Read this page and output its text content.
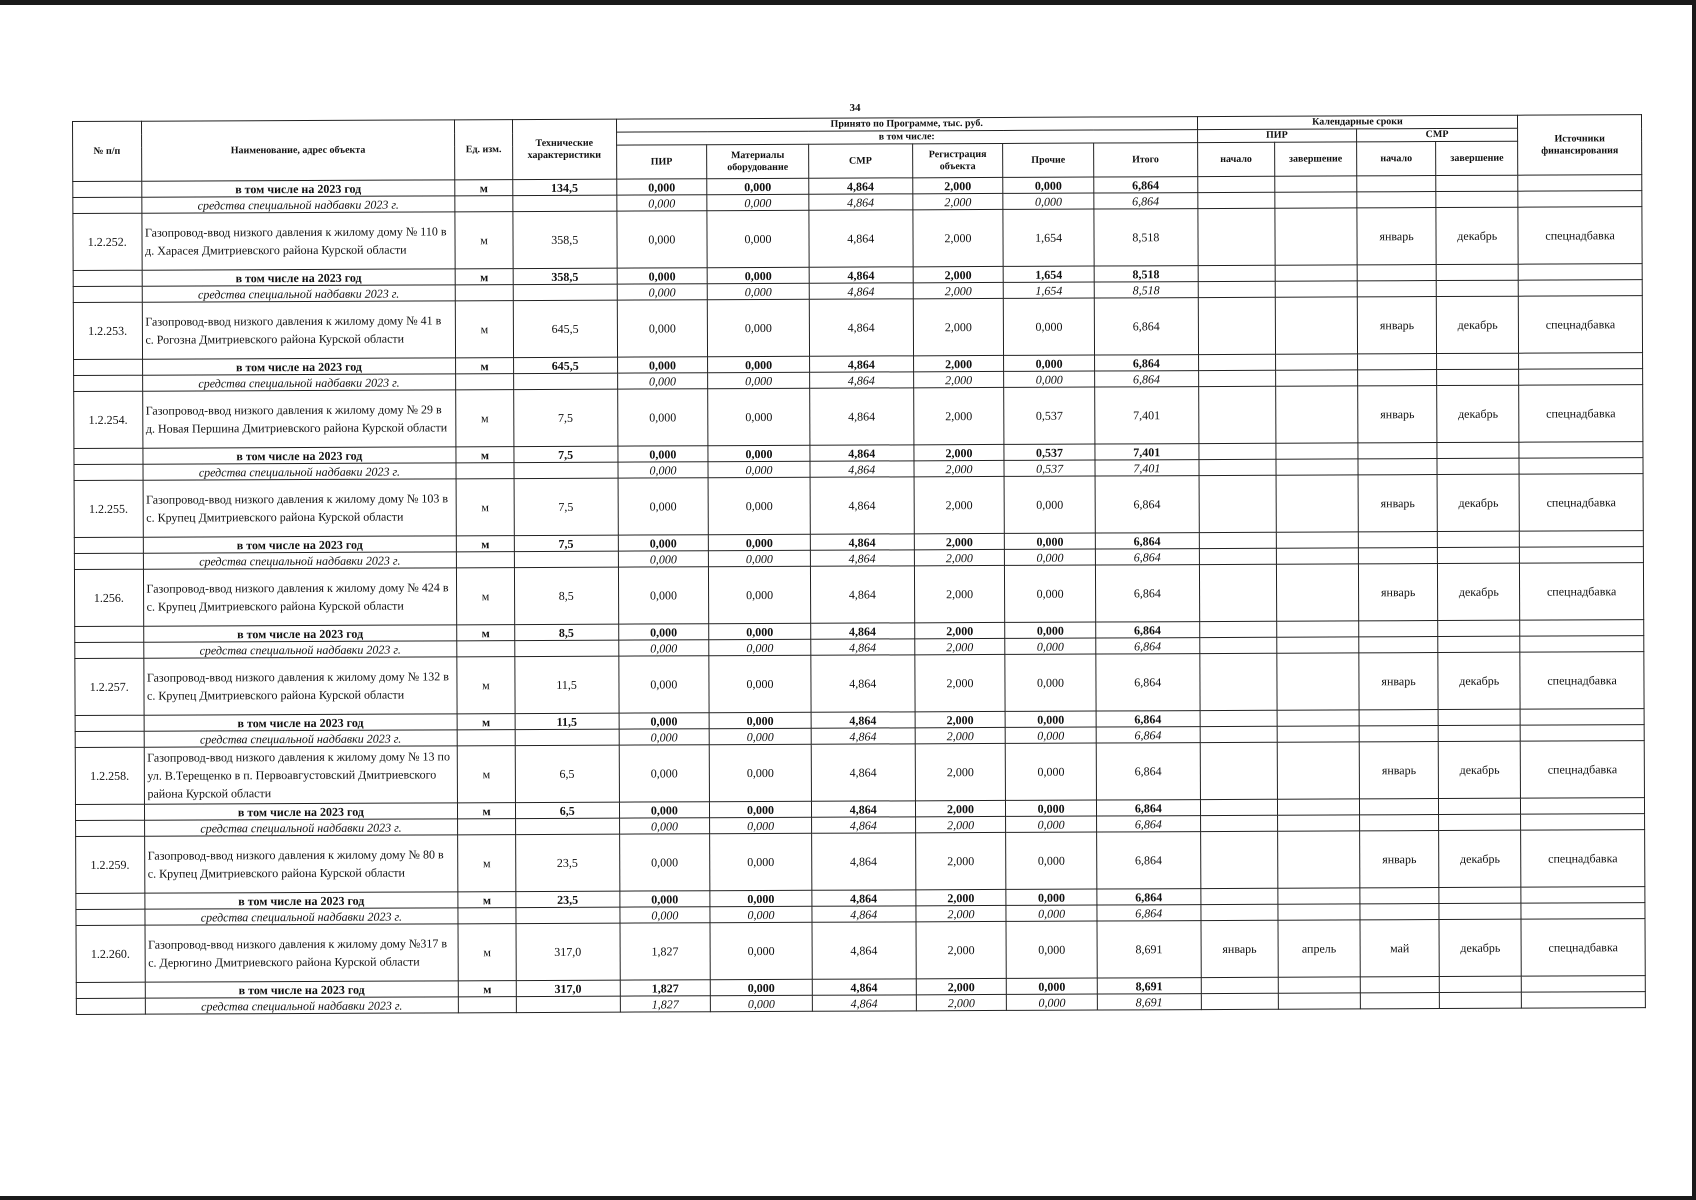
34
№ п/п	Наименование, адрес объекта	Ед. изм.	Технические характеристики	Принято по Программе, тыс. руб.						Календарные сроки				Источники финансирования
				в том числе:						ПИР		СМР		
				ПИР	Материалы оборудование	СМР	Регистрация объекта	Прочие	Итого	начало	завершение	начало	завершение	
	в том числе на 2023 год	м	134,5	0,000	0,000	4,864	2,000	0,000	6,864					
	средства специальной надбавки 2023 г.			0,000	0,000	4,864	2,000	0,000	6,864					
1.2.252.	Газопровод-ввод низкого давления к жилому дому № 110 в д. Харасея Дмитриевского района Курской области	м	358,5	0,000	0,000	4,864	2,000	1,654	8,518			январь	декабрь	спецнадбавка
	в том числе на 2023 год	м	358,5	0,000	0,000	4,864	2,000	1,654	8,518					
	средства специальной надбавки 2023 г.			0,000	0,000	4,864	2,000	1,654	8,518					
1.2.253.	Газопровод-ввод низкого давления к жилому дому № 41 в с. Рогозна Дмитриевского района Курской области	м	645,5	0,000	0,000	4,864	2,000	0,000	6,864			январь	декабрь	спецнадбавка
	в том числе на 2023 год	м	645,5	0,000	0,000	4,864	2,000	0,000	6,864					
	средства специальной надбавки 2023 г.			0,000	0,000	4,864	2,000	0,000	6,864					
1.2.254.	Газопровод-ввод низкого давления к жилому дому № 29 в д. Новая Першина Дмитриевского района Курской области	м	7,5	0,000	0,000	4,864	2,000	0,537	7,401			январь	декабрь	спецнадбавка
	в том числе на 2023 год	м	7,5	0,000	0,000	4,864	2,000	0,537	7,401					
	средства специальной надбавки 2023 г.			0,000	0,000	4,864	2,000	0,537	7,401					
1.2.255.	Газопровод-ввод низкого давления к жилому дому № 103 в с. Крупец Дмитриевского района Курской области	м	7,5	0,000	0,000	4,864	2,000	0,000	6,864			январь	декабрь	спецнадбавка
	в том числе на 2023 год	м	7,5	0,000	0,000	4,864	2,000	0,000	6,864					
	средства специальной надбавки 2023 г.			0,000	0,000	4,864	2,000	0,000	6,864					
1.256.	Газопровод-ввод низкого давления к жилому дому № 424 в с. Крупец Дмитриевского района Курской области	м	8,5	0,000	0,000	4,864	2,000	0,000	6,864			январь	декабрь	спецнадбавка
	в том числе на 2023 год	м	8,5	0,000	0,000	4,864	2,000	0,000	6,864					
	средства специальной надбавки 2023 г.			0,000	0,000	4,864	2,000	0,000	6,864					
1.2.257.	Газопровод-ввод низкого давления к жилому дому № 132 в с. Крупец Дмитриевского района Курской области	м	11,5	0,000	0,000	4,864	2,000	0,000	6,864			январь	декабрь	спецнадбавка
	в том числе на 2023 год	м	11,5	0,000	0,000	4,864	2,000	0,000	6,864					
	средства специальной надбавки 2023 г.			0,000	0,000	4,864	2,000	0,000	6,864					
1.2.258.	Газопровод-ввод низкого давления к жилому дому № 13 по ул. В.Терещенко в п. Первоавгустовский Дмитриевского района Курской области	м	6,5	0,000	0,000	4,864	2,000	0,000	6,864			январь	декабрь	спецнадбавка
	в том числе на 2023 год	м	6,5	0,000	0,000	4,864	2,000	0,000	6,864					
	средства специальной надбавки 2023 г.			0,000	0,000	4,864	2,000	0,000	6,864					
1.2.259.	Газопровод-ввод низкого давления к жилому дому № 80 в с. Крупец Дмитриевского района Курской области	м	23,5	0,000	0,000	4,864	2,000	0,000	6,864			январь	декабрь	спецнадбавка
	в том числе на 2023 год	м	23,5	0,000	0,000	4,864	2,000	0,000	6,864					
	средства специальной надбавки 2023 г.			0,000	0,000	4,864	2,000	0,000	6,864					
1.2.260.	Газопровод-ввод низкого давления к жилому дому №317 в с. Дерюгино Дмитриевского района Курской области	м	317,0	1,827	0,000	4,864	2,000	0,000	8,691	январь	апрель	май	декабрь	спецнадбавка
	в том числе на 2023 год	м	317,0	1,827	0,000	4,864	2,000	0,000	8,691					
	средства специальной надбавки 2023 г.			1,827	0,000	4,864	2,000	0,000	8,691					
